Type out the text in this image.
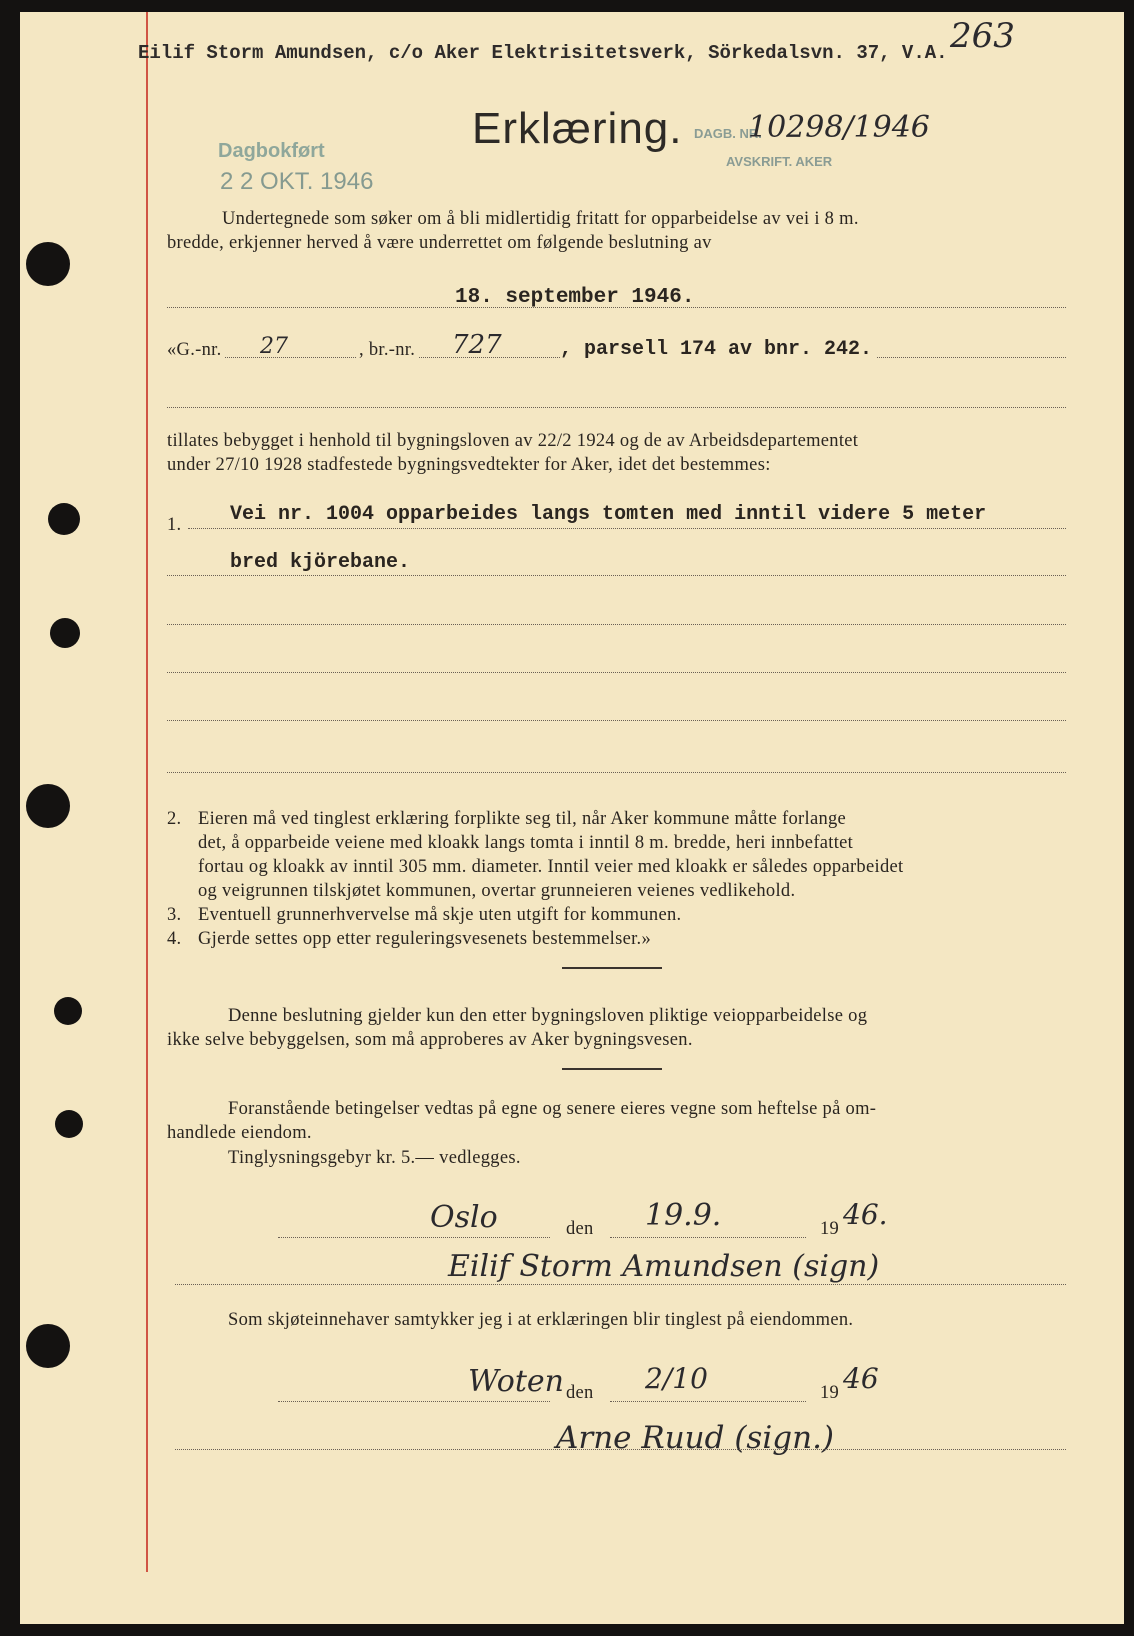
Eilif Storm Amundsen, c/o Aker Elektrisitetsverk, Sörkedalsvn. 37, V.A. 263
Erklæring. DAGB. NR.
10298/1946
AVSKRIFT. AKER
Dagbokført
2 2 OKT. 1946
Undertegnede som søker om å bli midlertidig fritatt for opparbeidelse av vei i 8 m.
bredde, erkjenner herved å være underrettet om følgende beslutning av
18. september 1946.
«G.-nr. 27	, br.-nr. 727	, parsell 174 av bnr. 242.
tillates bebygget i henhold til bygningsloven av 22/2 1924 og de av Arbeidsdepartementet
under 27/10 1928 stadfestede bygningsvedtekter for Aker, idet det bestemmes:
1. Vei nr. 1004 opparbeides langs tomten med inntil videre 5 meter
bred kjörebane.
2. Eieren må ved tinglest erklæring forplikte seg til, når Aker kommune måtte forlange
det, å opparbeide veiene med kloakk langs tomta i inntil 8 m. bredde, heri innbefattet
fortau og kloakk av inntil 305 mm. diameter. Inntil veier med kloakk er således opparbeidet
og veigrunnen tilskjøtet kommunen, overtar grunneieren veienes vedlikehold.
3. Eventuell grunnerhvervelse må skje uten utgift for kommunen.
4. Gjerde settes opp etter reguleringsvesenets bestemmelser.»
Denne beslutning gjelder kun den etter bygningsloven pliktige veiopparbeidelse og
ikke selve bebyggelsen, som må approberes av Aker bygningsvesen.
Foranstående betingelser vedtas på egne og senere eieres vegne som heftelse på om-
handlede eiendom.
Tinglysningsgebyr kr. 5.— vedlegges.
Oslo	den 19.9.	19 46.
Eilif Storm Amundsen (sign)
Som skjøteinnehaver samtykker jeg i at erklæringen blir tinglest på eiendommen.
Woten den 2/10	19 46
Arne Ruud (sign.)
